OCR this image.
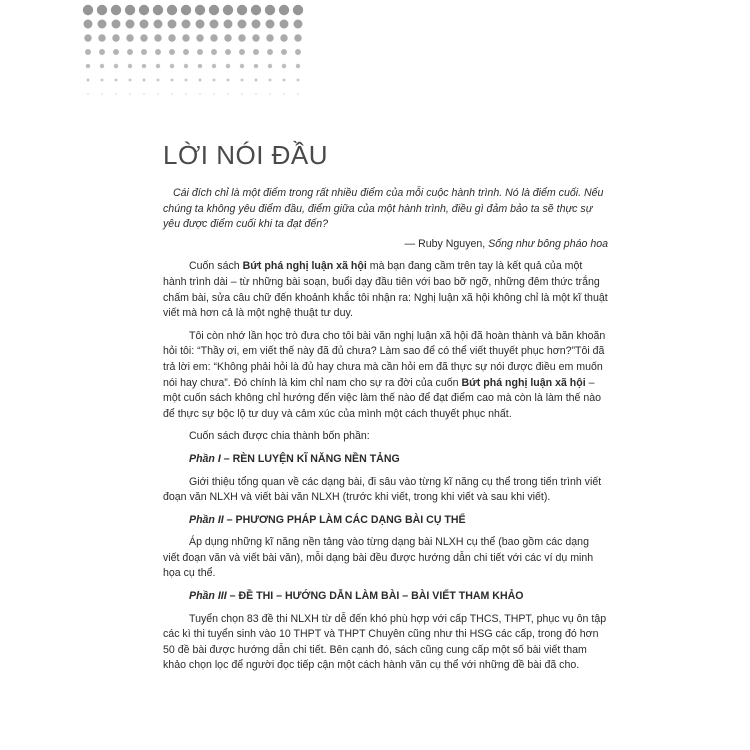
LỜI NÓI ĐẦU

Cái đích chỉ là một điểm trong rất nhiều điểm của mỗi cuộc hành trình. Nó là điểm cuối. Nếu chúng ta không yêu điểm đầu, điểm giữa của một hành trình, điều gì đảm bảo ta sẽ thực sự yêu được điểm cuối khi ta đạt đến?

— Ruby Nguyen, Sống như bông pháo hoa

Cuốn sách Bứt phá nghị luận xã hội mà bạn đang cầm trên tay là kết quả của một hành trình dài – từ những bài soạn, buổi dạy đầu tiên với bao bỡ ngỡ, những đêm thức trắng chấm bài, sửa câu chữ đến khoảnh khắc tôi nhận ra: Nghị luận xã hội không chỉ là một kĩ thuật viết mà hơn cả là một nghệ thuật tư duy.

Tôi còn nhớ lần học trò đưa cho tôi bài văn nghị luận xã hội đã hoàn thành và băn khoăn hỏi tôi: “Thầy ơi, em viết thế này đã đủ chưa? Làm sao để có thể viết thuyết phục hơn?”Tôi đã trả lời em: “Không phải hỏi là đủ hay chưa mà cần hỏi em đã thực sự nói được điều em muốn nói hay chưa”. Đó chính là kim chỉ nam cho sự ra đời của cuốn Bứt phá nghị luận xã hội – một cuốn sách không chỉ hướng đến việc làm thế nào để đạt điểm cao mà còn là làm thế nào để thực sự bộc lộ tư duy và cảm xúc của mình một cách thuyết phục nhất.

Cuốn sách được chia thành bốn phần:

Phần I – RÈN LUYỆN KĨ NĂNG NỀN TẢNG

Giới thiệu tổng quan về các dạng bài, đi sâu vào từng kĩ năng cụ thể trong tiến trình viết đoạn văn NLXH và viết bài văn NLXH (trước khi viết, trong khi viết và sau khi viết).

Phần II – PHƯƠNG PHÁP LÀM CÁC DẠNG BÀI CỤ THỂ

Áp dụng những kĩ năng nền tảng vào từng dạng bài NLXH cụ thể (bao gồm các dạng viết đoạn văn và viết bài văn), mỗi dạng bài đều được hướng dẫn chi tiết với các ví dụ minh họa cụ thể.

Phần III – ĐỀ THI – HƯỚNG DẪN LÀM BÀI – BÀI VIẾT THAM KHẢO

Tuyển chọn 83 đề thi NLXH từ dễ đến khó phù hợp với cấp THCS, THPT, phục vụ ôn tập các kì thi tuyển sinh vào 10 THPT và THPT Chuyên cũng như thi HSG các cấp, trong đó hơn 50 đề bài được hướng dẫn chi tiết. Bên cạnh đó, sách cũng cung cấp một số bài viết tham khảo chọn lọc để người đọc tiếp cận một cách hành văn cụ thể với những đề bài đã cho.
